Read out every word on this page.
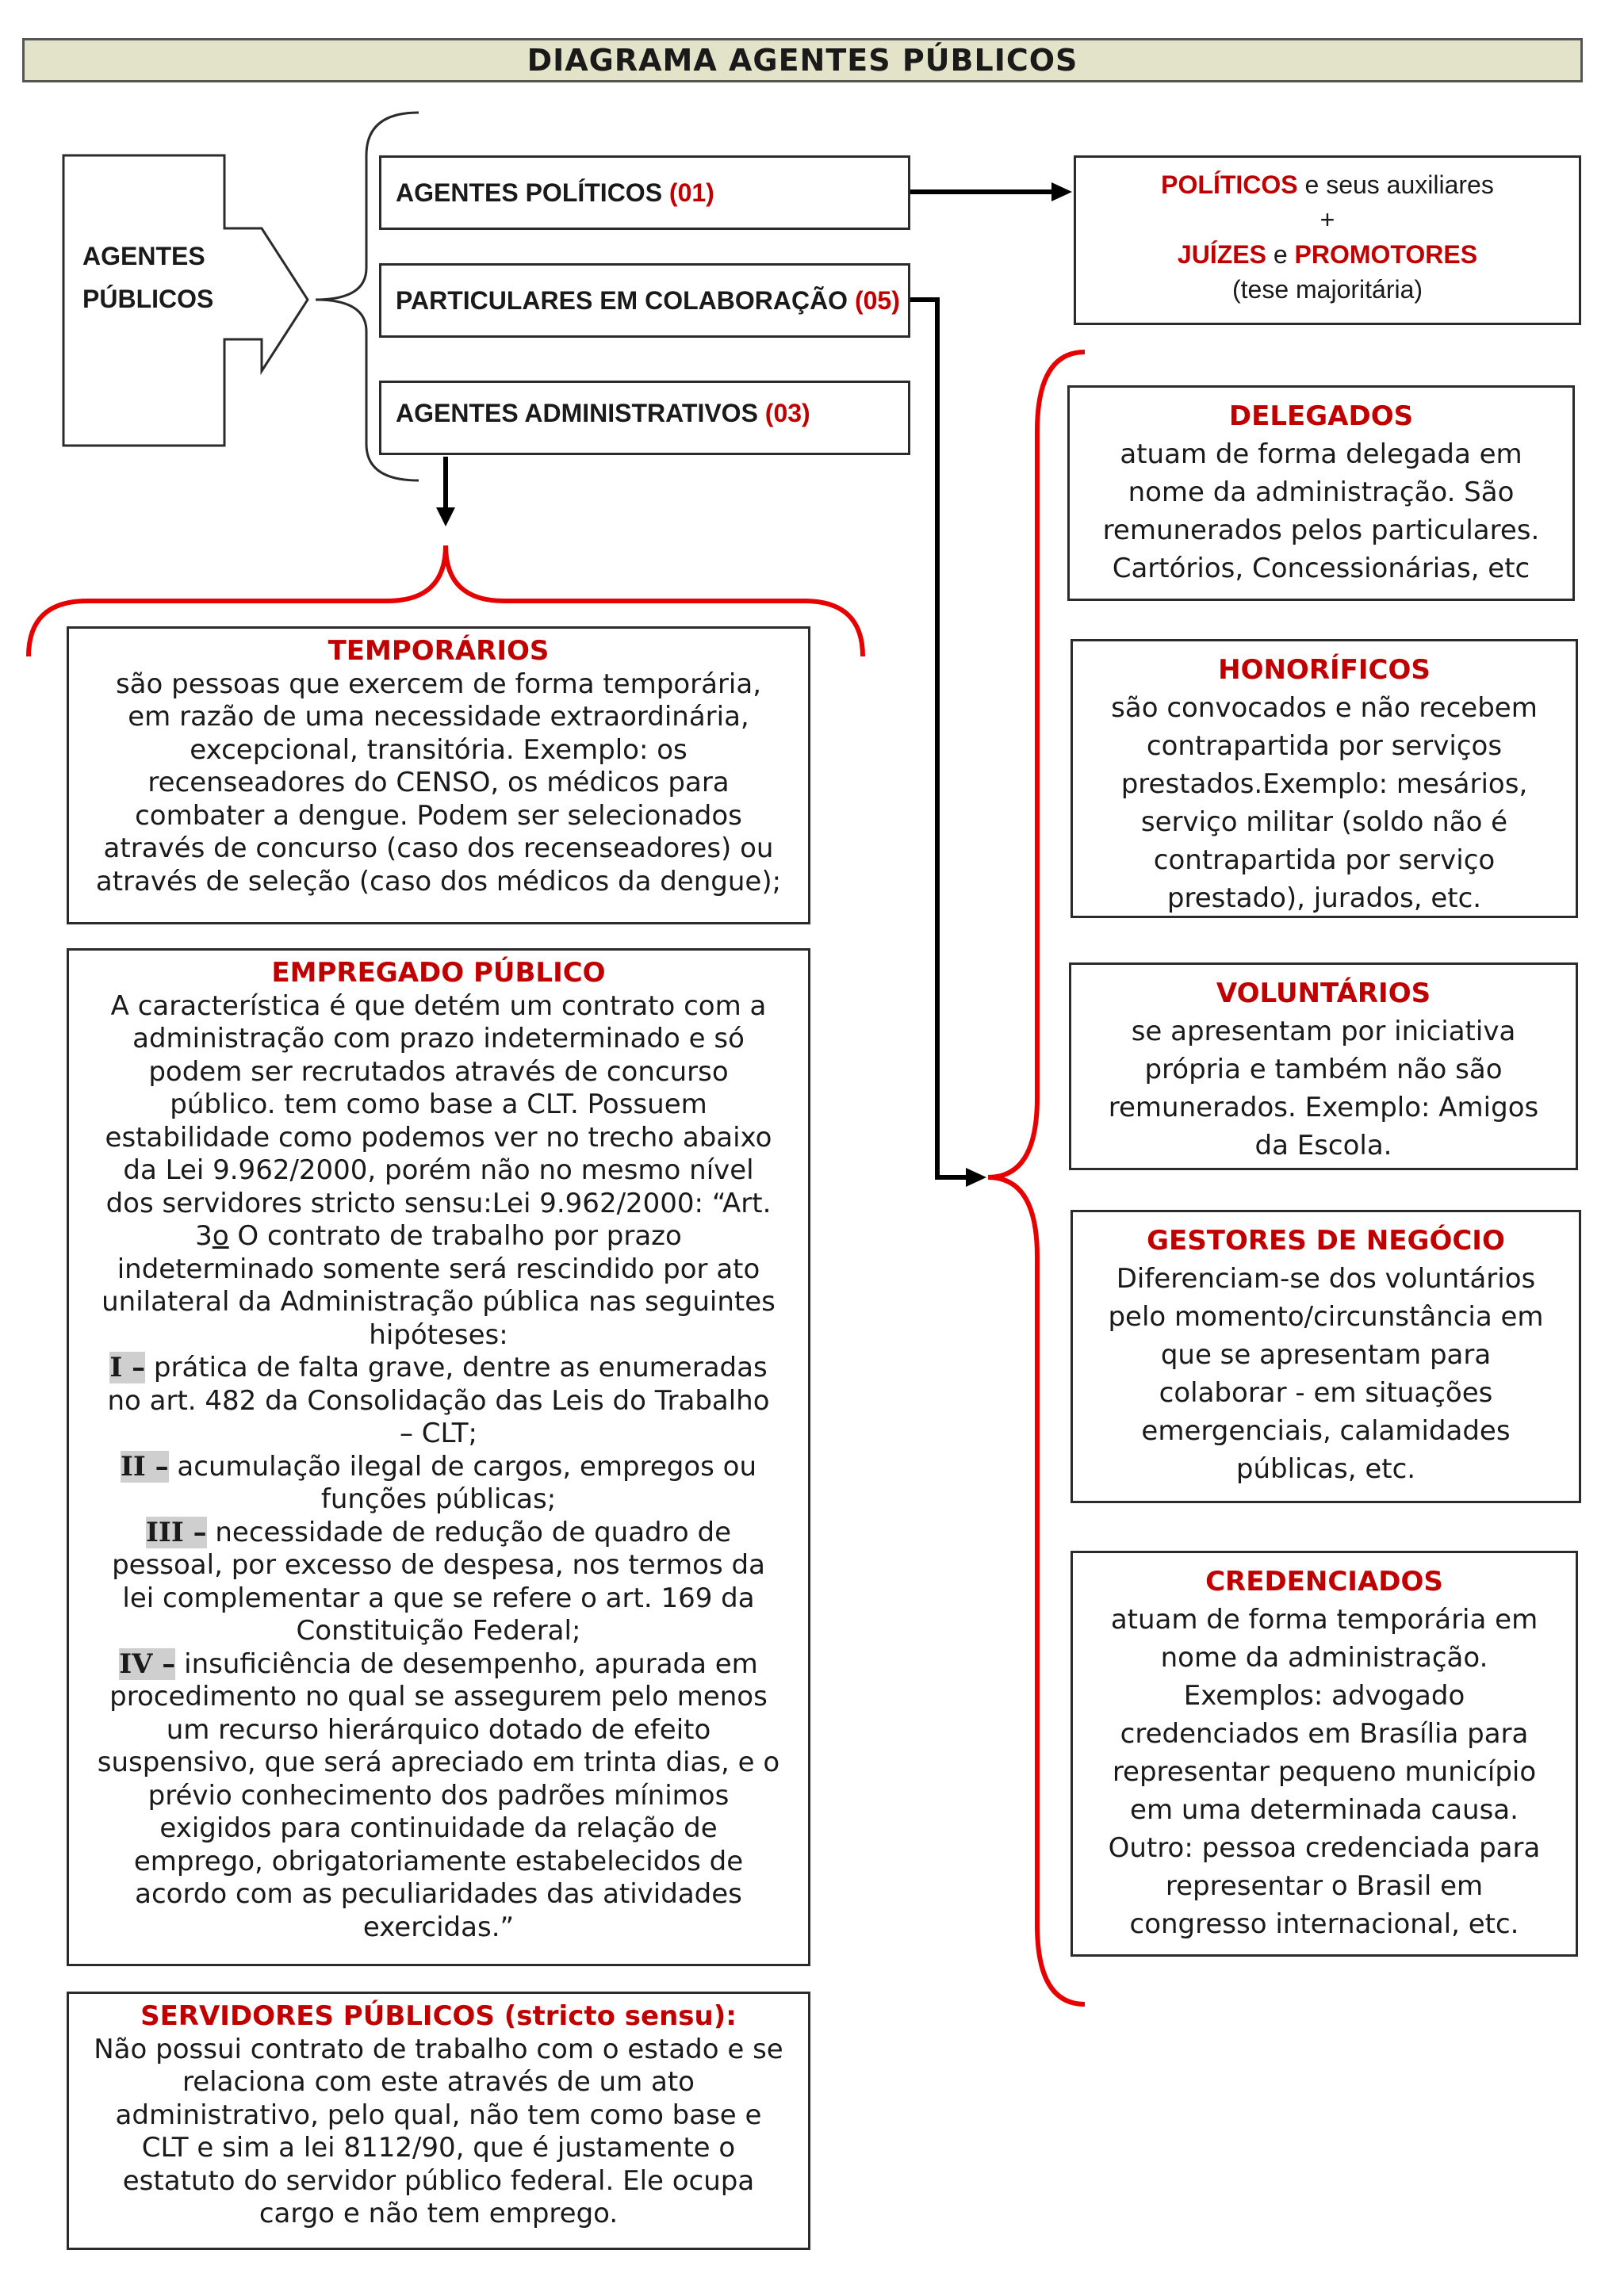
DIAGRAMA AGENTES PÚBLICOS
AGENTES
PÚBLICOS
AGENTES POLÍTICOS (01)
PARTICULARES EM COLABORAÇÃO (05)
AGENTES ADMINISTRATIVOS (03)
POLÍTICOS e seus auxiliares
+
JUÍZES e PROMOTORES
(tese majoritária)
DELEGADOS
atuam de forma delegada em
nome da administração. São
remunerados pelos particulares.
Cartórios, Concessionárias, etc
HONORÍFICOS
são convocados e não recebem
contrapartida por serviços
prestados.Exemplo: mesários,
serviço militar (soldo não é
contrapartida por serviço
prestado), jurados, etc.
VOLUNTÁRIOS
se apresentam por iniciativa
própria e também não são
remunerados. Exemplo: Amigos
da Escola.
GESTORES DE NEGÓCIO
Diferenciam-se dos voluntários
pelo momento/circunstância em
que se apresentam para
colaborar - em situações
emergenciais, calamidades
públicas, etc.
CREDENCIADOS
atuam de forma temporária em
nome da administração.
Exemplos: advogado
credenciados em Brasília para
representar pequeno município
em uma determinada causa.
Outro: pessoa credenciada para
representar o Brasil em
congresso internacional, etc.
TEMPORÁRIOS
são pessoas que exercem de forma temporária,
em razão de uma necessidade extraordinária,
excepcional, transitória. Exemplo: os
recenseadores do CENSO, os médicos para
combater a dengue. Podem ser selecionados
através de concurso (caso dos recenseadores) ou
através de seleção (caso dos médicos da dengue);
EMPREGADO PÚBLICO
A característica é que detém um contrato com a
administração com prazo indeterminado e só
podem ser recrutados através de concurso
público. tem como base a CLT. Possuem
estabilidade como podemos ver no trecho abaixo
da Lei 9.962/2000, porém não no mesmo nível
dos servidores stricto sensu:Lei 9.962/2000: “Art.
3o O contrato de trabalho por prazo
indeterminado somente será rescindido por ato
unilateral da Administração pública nas seguintes
hipóteses:
I – prática de falta grave, dentre as enumeradas
no art. 482 da Consolidação das Leis do Trabalho
– CLT;
II – acumulação ilegal de cargos, empregos ou
funções públicas;
III – necessidade de redução de quadro de
pessoal, por excesso de despesa, nos termos da
lei complementar a que se refere o art. 169 da
Constituição Federal;
IV – insuficiência de desempenho, apurada em
procedimento no qual se assegurem pelo menos
um recurso hierárquico dotado de efeito
suspensivo, que será apreciado em trinta dias, e o
prévio conhecimento dos padrões mínimos
exigidos para continuidade da relação de
emprego, obrigatoriamente estabelecidos de
acordo com as peculiaridades das atividades
exercidas.”
SERVIDORES PÚBLICOS (stricto sensu):
Não possui contrato de trabalho com o estado e se
relaciona com este através de um ato
administrativo, pelo qual, não tem como base e
CLT e sim a lei 8112/90, que é justamente o
estatuto do servidor público federal. Ele ocupa
cargo e não tem emprego.
